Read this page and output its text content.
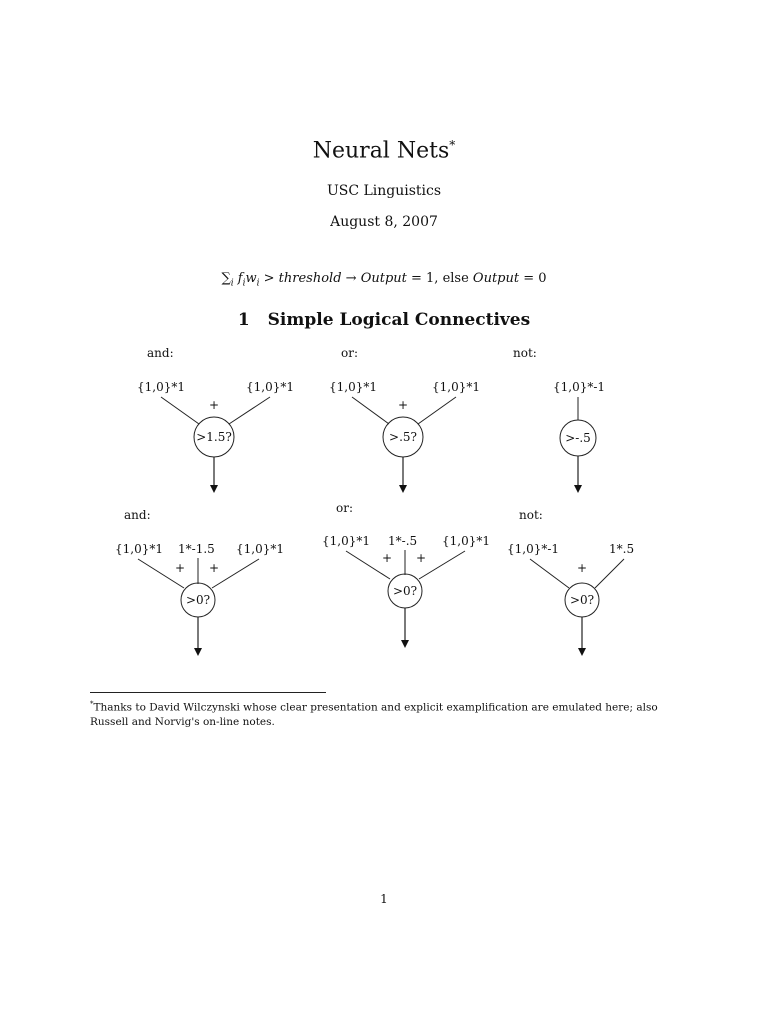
Neural Nets*
USC Linguistics
August 8, 2007
$\sum_i$ $f_iw_i$ > threshold → Output = 1, else Output = 0
1 Simple Logical Connectives
and:
{1,0}*1	{1,0}*1
+
>1.5?
or:
{1,0}*1	{1,0}*1
+
>.5?
not:
{1,0}*-1
>-.5
and:
{1,0}*1 1*-1.5 {1,0}*1
+ +
>0?
or:
{1,0}*1 1*-.5 {1,0}*1
+ +
>0?
not:
{1,0}*-1	1*.5
+
>0?
*Thanks to David Wilczynski whose clear presentation and explicit examplification are emulated here; also Russell and Norvig's on-line notes.
1
